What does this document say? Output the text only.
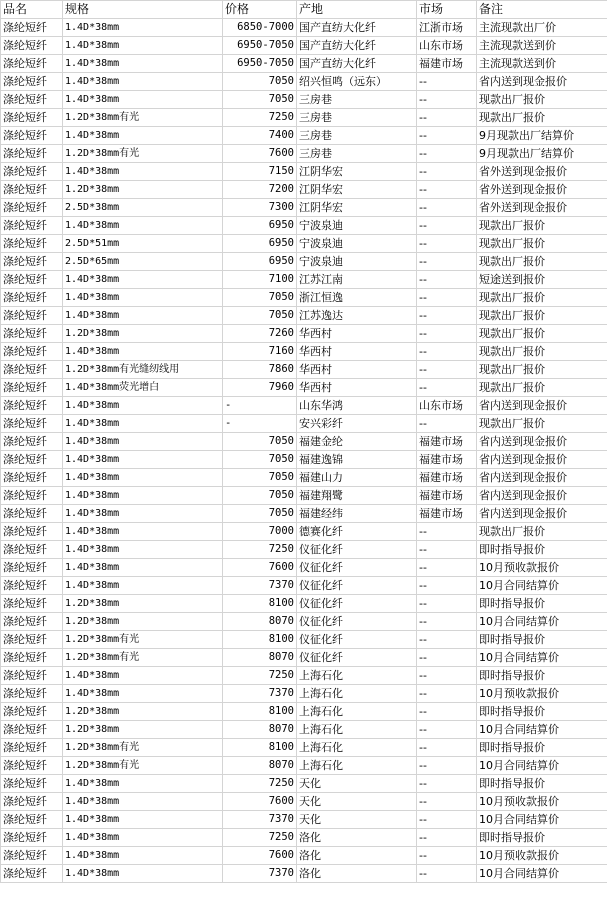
品名	规格	价格	产地	市场	备注
涤纶短纤	1.4D*38mm	6850-7000	国产直纺大化纤	江浙市场	主流现款出厂价
涤纶短纤	1.4D*38mm	6950-7050	国产直纺大化纤	山东市场	主流现款送到价
涤纶短纤	1.4D*38mm	6950-7050	国产直纺大化纤	福建市场	主流现款送到价
涤纶短纤	1.4D*38mm	7050	绍兴恒鸣（远东）	--	省内送到现金报价
涤纶短纤	1.4D*38mm	7050	三房巷	--	现款出厂报价
涤纶短纤	1.2D*38mm有光	7250	三房巷	--	现款出厂报价
涤纶短纤	1.4D*38mm	7400	三房巷	--	9月现款出厂结算价
涤纶短纤	1.2D*38mm有光	7600	三房巷	--	9月现款出厂结算价
涤纶短纤	1.4D*38mm	7150	江阴华宏	--	省外送到现金报价
涤纶短纤	1.2D*38mm	7200	江阴华宏	--	省外送到现金报价
涤纶短纤	2.5D*38mm	7300	江阴华宏	--	省外送到现金报价
涤纶短纤	1.4D*38mm	6950	宁波泉迪	--	现款出厂报价
涤纶短纤	2.5D*51mm	6950	宁波泉迪	--	现款出厂报价
涤纶短纤	2.5D*65mm	6950	宁波泉迪	--	现款出厂报价
涤纶短纤	1.4D*38mm	7100	江苏江南	--	短途送到报价
涤纶短纤	1.4D*38mm	7050	浙江恒逸	--	现款出厂报价
涤纶短纤	1.4D*38mm	7050	江苏逸达	--	现款出厂报价
涤纶短纤	1.2D*38mm	7260	华西村	--	现款出厂报价
涤纶短纤	1.4D*38mm	7160	华西村	--	现款出厂报价
涤纶短纤	1.2D*38mm有光缝纫线用	7860	华西村	--	现款出厂报价
涤纶短纤	1.4D*38mm荧光增白	7960	华西村	--	现款出厂报价
涤纶短纤	1.4D*38mm	-	山东华鸿	山东市场	省内送到现金报价
涤纶短纤	1.4D*38mm	-	安兴彩纤	--	现款出厂报价
涤纶短纤	1.4D*38mm	7050	福建金纶	福建市场	省内送到现金报价
涤纶短纤	1.4D*38mm	7050	福建逸锦	福建市场	省内送到现金报价
涤纶短纤	1.4D*38mm	7050	福建山力	福建市场	省内送到现金报价
涤纶短纤	1.4D*38mm	7050	福建翔鹭	福建市场	省内送到现金报价
涤纶短纤	1.4D*38mm	7050	福建经纬	福建市场	省内送到现金报价
涤纶短纤	1.4D*38mm	7000	德赛化纤	--	现款出厂报价
涤纶短纤	1.4D*38mm	7250	仪征化纤	--	即时指导报价
涤纶短纤	1.4D*38mm	7600	仪征化纤	--	10月预收款报价
涤纶短纤	1.4D*38mm	7370	仪征化纤	--	10月合同结算价
涤纶短纤	1.2D*38mm	8100	仪征化纤	--	即时指导报价
涤纶短纤	1.2D*38mm	8070	仪征化纤	--	10月合同结算价
涤纶短纤	1.2D*38mm有光	8100	仪征化纤	--	即时指导报价
涤纶短纤	1.2D*38mm有光	8070	仪征化纤	--	10月合同结算价
涤纶短纤	1.4D*38mm	7250	上海石化	--	即时指导报价
涤纶短纤	1.4D*38mm	7370	上海石化	--	10月预收款报价
涤纶短纤	1.2D*38mm	8100	上海石化	--	即时指导报价
涤纶短纤	1.2D*38mm	8070	上海石化	--	10月合同结算价
涤纶短纤	1.2D*38mm有光	8100	上海石化	--	即时指导报价
涤纶短纤	1.2D*38mm有光	8070	上海石化	--	10月合同结算价
涤纶短纤	1.4D*38mm	7250	天化	--	即时指导报价
涤纶短纤	1.4D*38mm	7600	天化	--	10月预收款报价
涤纶短纤	1.4D*38mm	7370	天化	--	10月合同结算价
涤纶短纤	1.4D*38mm	7250	洛化	--	即时指导报价
涤纶短纤	1.4D*38mm	7600	洛化	--	10月预收款报价
涤纶短纤	1.4D*38mm	7370	洛化	--	10月合同结算价
